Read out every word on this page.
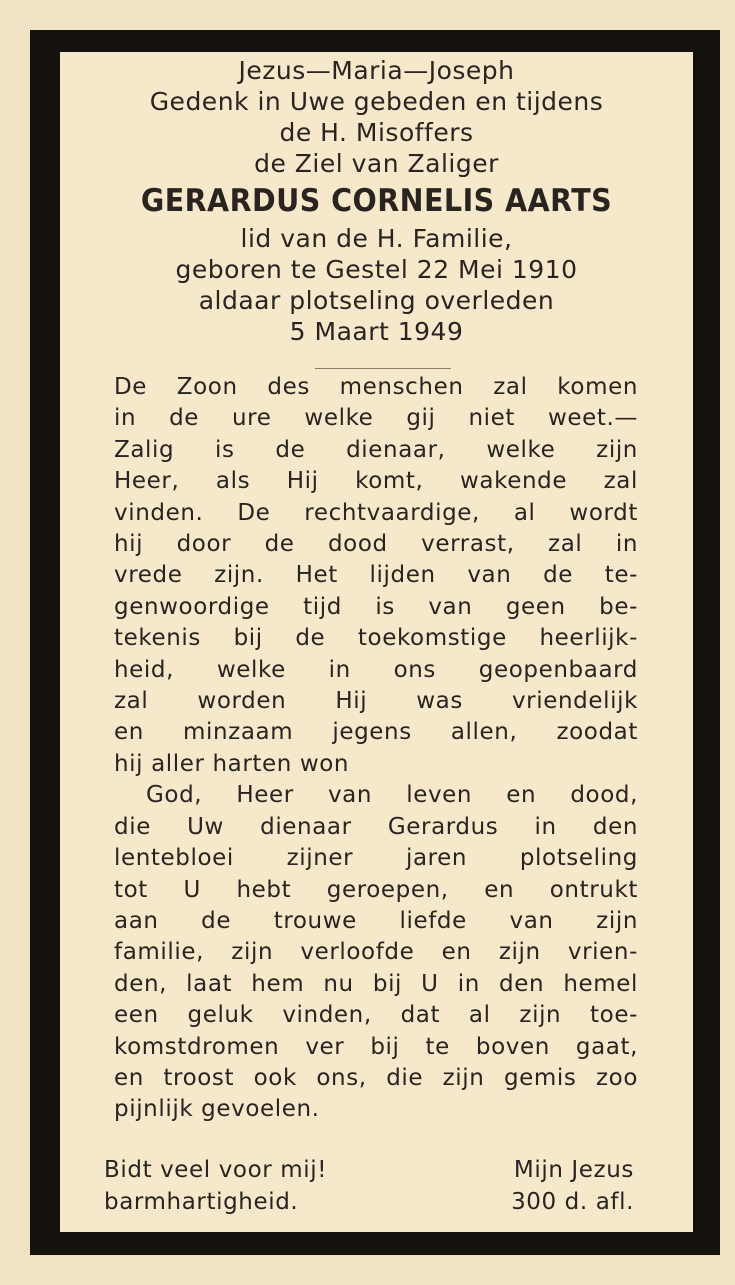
Jezus—Maria—Joseph
Gedenk in Uwe gebeden en tijdens
de H. Misoffers
de Ziel van Zaliger
GERARDUS CORNELIS AARTS
lid van de H. Familie,
geboren te Gestel 22 Mei 1910
aldaar plotseling overleden
5 Maart 1949
De Zoon des menschen zal komen
in de ure welke gij niet weet.—
Zalig is de dienaar, welke zijn
Heer, als Hij komt, wakende zal
vinden. De rechtvaardige, al wordt
hij door de dood verrast, zal in
vrede zijn. Het lijden van de te-
genwoordige tijd is van geen be-
tekenis bij de toekomstige heerlijk-
heid, welke in ons geopenbaard
zal worden Hij was vriendelijk
en minzaam jegens allen, zoodat
hij aller harten won
God, Heer van leven en dood,
die Uw dienaar Gerardus in den
lentebloei zijner jaren plotseling
tot U hebt geroepen, en ontrukt
aan de trouwe liefde van zijn
familie, zijn verloofde en zijn vrien-
den, laat hem nu bij U in den hemel
een geluk vinden, dat al zijn toe-
komstdromen ver bij te boven gaat,
en troost ook ons, die zijn gemis zoo
pijnlijk gevoelen.
Bidt veel voor mij!	Mijn Jezus
barmhartigheid.	300 d. afl.
